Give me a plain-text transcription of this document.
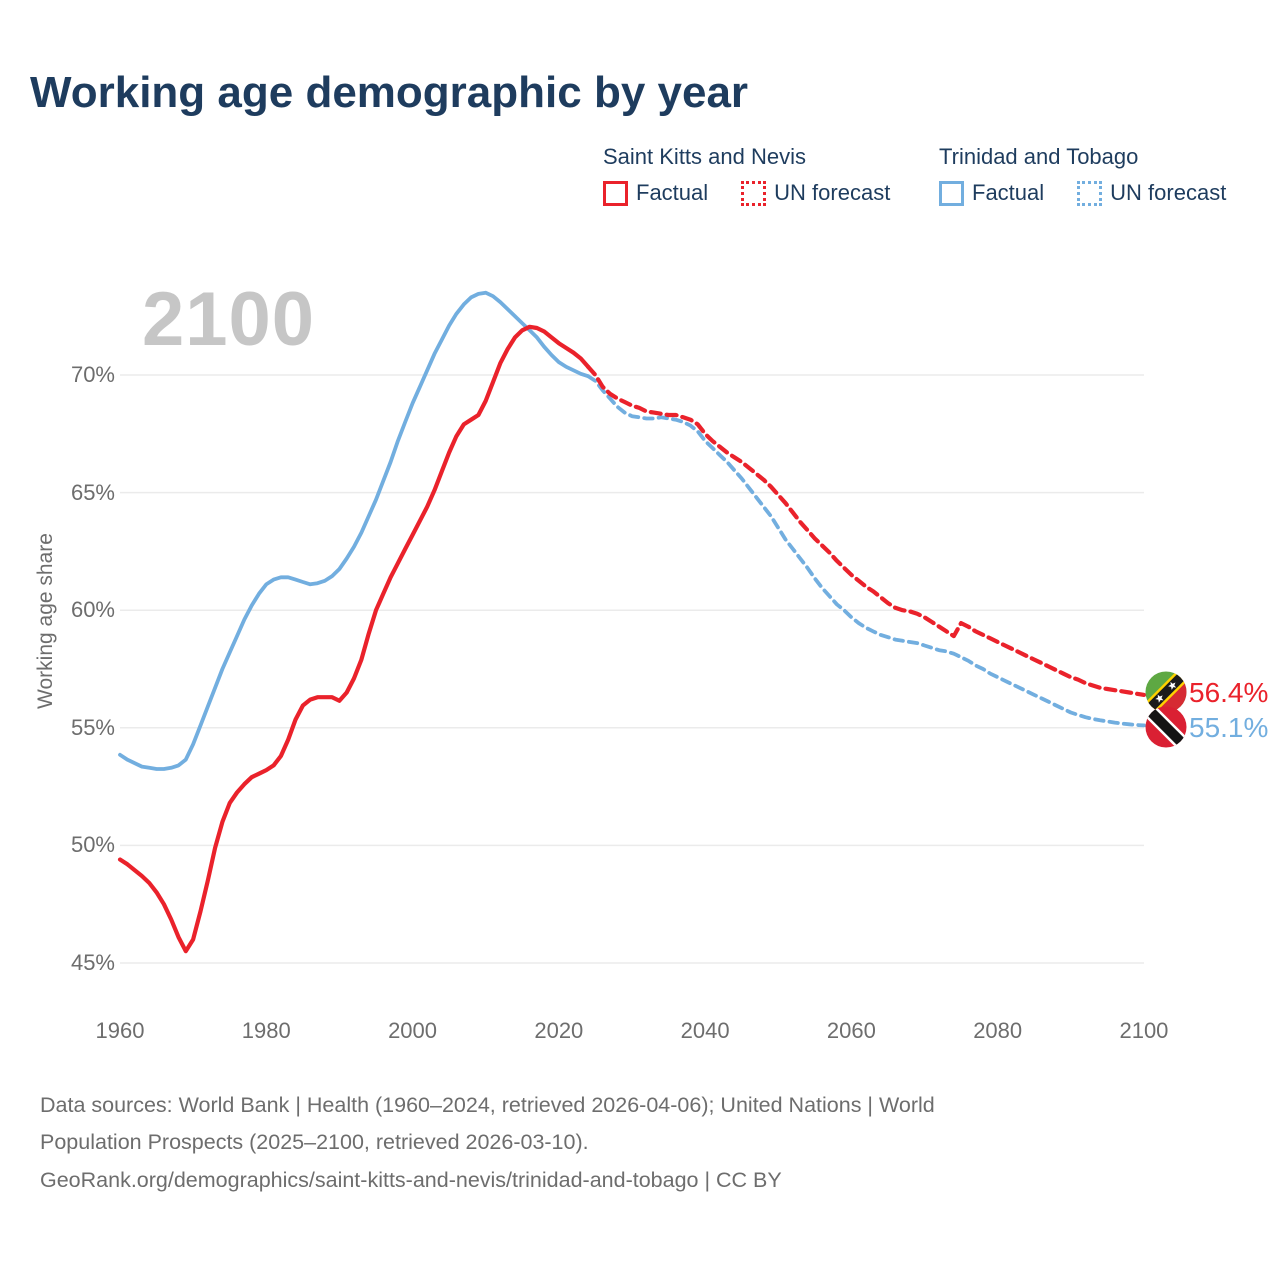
2100
Working age demographic by year
Saint Kitts and Nevis
Factual	UN forecast
Trinidad and Tobago
Factual	UN forecast
Working age share
70%
65%
60%
55%
50%
45%
1960	1980	2000	2020	2040	2060	2080	2100
56.4%
55.1%
Data sources: World Bank | Health (1960–2024, retrieved 2026-04-06); United Nations | World
Population Prospects (2025–2100, retrieved 2026-03-10).
GeoRank.org/demographics/saint-kitts-and-nevis/trinidad-and-tobago | CC BY
